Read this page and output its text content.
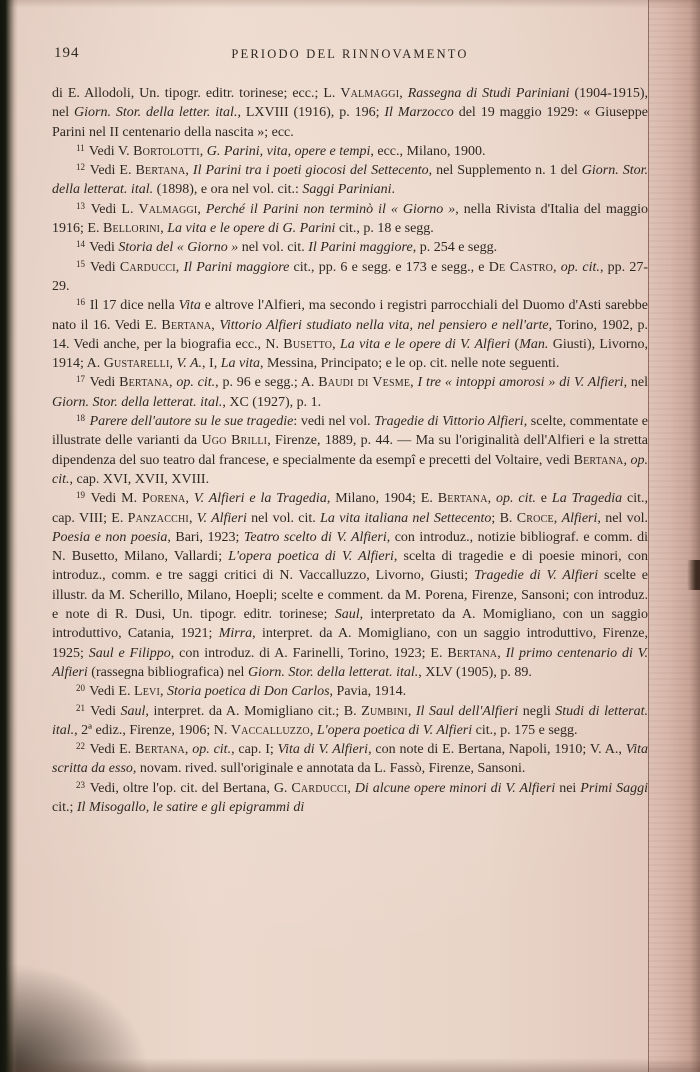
194	PERIODO DEL RINNOVAMENTO

di E. Allodoli, Un. tipogr. editr. torinese; ecc.; L. Valmaggi, Rassegna di Studi Pariniani (1904-1915), nel Giorn. Stor. della letter. ital., LXVIII (1916), p. 196; Il Marzocco del 19 maggio 1929: « Giuseppe Parini nel II centenario della nascita »; ecc.

$^{11}$ Vedi V. Bortolotti, G. Parini, vita, opere e tempi, ecc., Milano, 1900.

$^{12}$ Vedi E. Bertana, Il Parini tra i poeti giocosi del Settecento, nel Supplemento n. 1 del Giorn. Stor. della letterat. ital. (1898), e ora nel vol. cit.: Saggi Pariniani.

$^{13}$ Vedi L. Valmaggi, Perché il Parini non terminò il « Giorno », nella Rivista d'Italia del maggio 1916; E. Bellorini, La vita e le opere di G. Parini cit., p. 18 e segg.

$^{14}$ Vedi Storia del « Giorno » nel vol. cit. Il Parini maggiore, p. 254 e segg.

$^{15}$ Vedi Carducci, Il Parini maggiore cit., pp. 6 e segg. e 173 e segg., e De Castro, op. cit., pp. 27-29.

$^{16}$ Il 17 dice nella Vita e altrove l'Alfieri, ma secondo i registri parrocchiali del Duomo d'Asti sarebbe nato il 16. Vedi E. Bertana, Vittorio Alfieri studiato nella vita, nel pensiero e nell'arte, Torino, 1902, p. 14. Vedi anche, per la biografia ecc., N. Busetto, La vita e le opere di V. Alfieri (Man. Giusti), Livorno, 1914; A. Gustarelli, V. A., I, La vita, Messina, Principato; e le op. cit. nelle note seguenti.

$^{17}$ Vedi Bertana, op. cit., p. 96 e segg.; A. Baudi di Vesme, I tre « intoppi amorosi » di V. Alfieri, nel Giorn. Stor. della letterat. ital., XC (1927), p. 1.

$^{18}$ Parere dell'autore su le sue tragedie: vedi nel vol. Tragedie di Vittorio Alfieri, scelte, commentate e illustrate delle varianti da Ugo Brilli, Firenze, 1889, p. 44. — Ma su l'originalità dell'Alfieri e la stretta dipendenza del suo teatro dal francese, e specialmente da esempî e precetti del Voltaire, vedi Bertana, op. cit., cap. XVI, XVII, XVIII.

$^{19}$ Vedi M. Porena, V. Alfieri e la Tragedia, Milano, 1904; E. Bertana, op. cit. e La Tragedia cit., cap. VIII; E. Panzacchi, V. Alfieri nel vol. cit. La vita italiana nel Settecento; B. Croce, Alfieri, nel vol. Poesia e non poesia, Bari, 1923; Teatro scelto di V. Alfieri, con introduz., notizie bibliograf. e comm. di N. Busetto, Milano, Vallardi; L'opera poetica di V. Alfieri, scelta di tragedie e di poesie minori, con introduz., comm. e tre saggi critici di N. Vaccalluzzo, Livorno, Giusti; Tragedie di V. Alfieri scelte e illustr. da M. Scherillo, Milano, Hoepli; scelte e comment. da M. Porena, Firenze, Sansoni; con introduz. e note di R. Dusi, Un. tipogr. editr. torinese; Saul, interpretato da A. Momigliano, con un saggio introduttivo, Catania, 1921; Mirra, interpret. da A. Momigliano, con un saggio introduttivo, Firenze, 1925; Saul e Filippo, con introduz. di A. Farinelli, Torino, 1923; E. Bertana, Il primo centenario di V. Alfieri (rassegna bibliografica) nel Giorn. Stor. della letterat. ital., XLV (1905), p. 89.

$^{20}$ Vedi E. Levi, Storia poetica di Don Carlos, Pavia, 1914.

$^{21}$ Vedi Saul, interpret. da A. Momigliano cit.; B. Zumbini, Il Saul dell'Alfieri negli Studi di letterat. ital., 2ª ediz., Firenze, 1906; N. Vaccalluzzo, L'opera poetica di V. Alfieri cit., p. 175 e segg.

$^{22}$ Vedi E. Bertana, op. cit., cap. I; Vita di V. Alfieri, con note di E. Bertana, Napoli, 1910; V. A., Vita scritta da esso, novam. rived. sull'originale e annotata da L. Fassò, Firenze, Sansoni.

$^{23}$ Vedi, oltre l'op. cit. del Bertana, G. Carducci, Di alcune opere minori di V. Alfieri nei Primi Saggi cit.; Il Misogallo, le satire e gli epigrammi di
